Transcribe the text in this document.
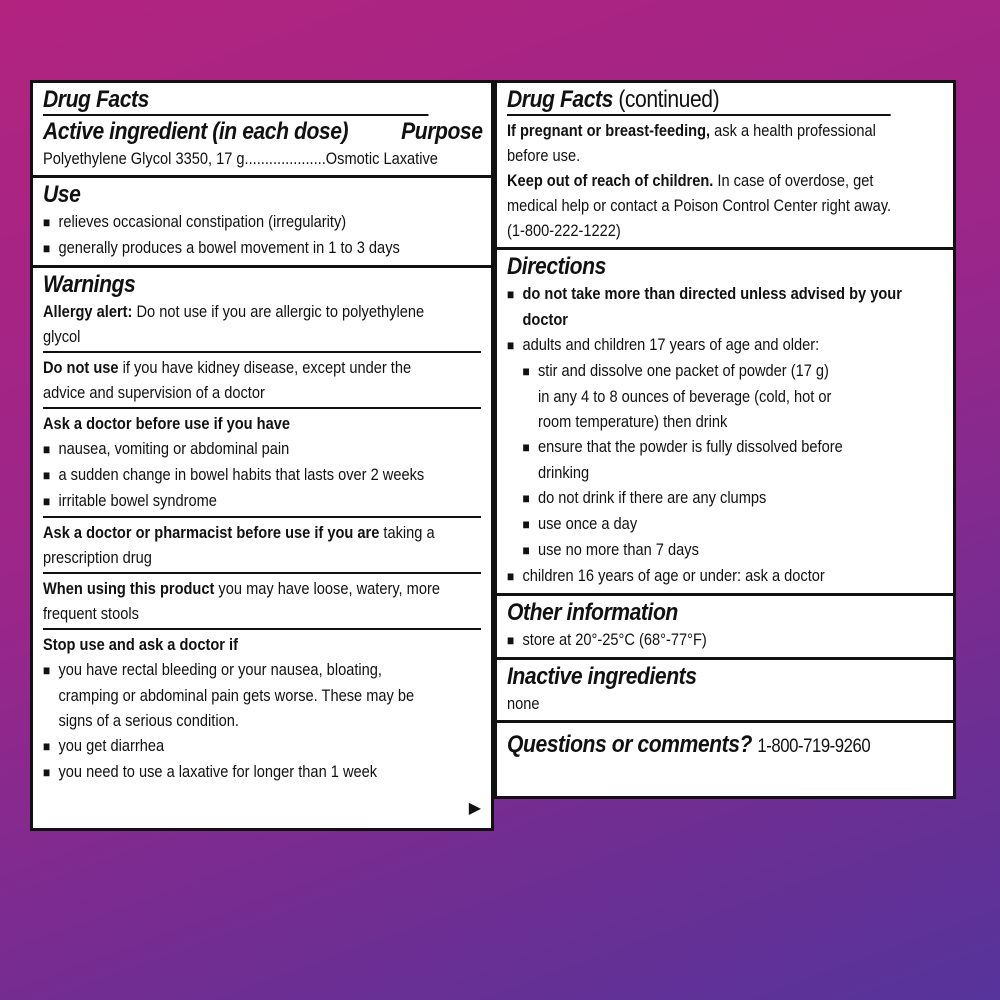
Drug Facts
Active ingredient (in each dose) Purpose
Polyethylene Glycol 3350, 17 g....................Osmotic Laxative
Use
■ relieves occasional constipation (irregularity)
■ generally produces a bowel movement in 1 to 3 days
Warnings
Allergy alert: Do not use if you are allergic to polyethylene
glycol
Do not use if you have kidney disease, except under the
advice and supervision of a doctor
Ask a doctor before use if you have
■ nausea, vomiting or abdominal pain
■ a sudden change in bowel habits that lasts over 2 weeks
■ irritable bowel syndrome
Ask a doctor or pharmacist before use if you are taking a
prescription drug
When using this product you may have loose, watery, more
frequent stools
Stop use and ask a doctor if
■ you have rectal bleeding or your nausea, bloating,
cramping or abdominal pain gets worse. These may be
signs of a serious condition.
■ you get diarrhea
■ you need to use a laxative for longer than 1 week
▶
Drug Facts (continued)
If pregnant or breast-feeding, ask a health professional
before use.
Keep out of reach of children. In case of overdose, get
medical help or contact a Poison Control Center right away.
(1-800-222-1222)
Directions
■ do not take more than directed unless advised by your
doctor
■ adults and children 17 years of age and older:
■ stir and dissolve one packet of powder (17 g)
in any 4 to 8 ounces of beverage (cold, hot or
room temperature) then drink
■ ensure that the powder is fully dissolved before
drinking
■ do not drink if there are any clumps
■ use once a day
■ use no more than 7 days
■ children 16 years of age or under: ask a doctor
Other information
■ store at 20°-25°C (68°-77°F)
Inactive ingredients
none
Questions or comments? 1-800-719-9260
